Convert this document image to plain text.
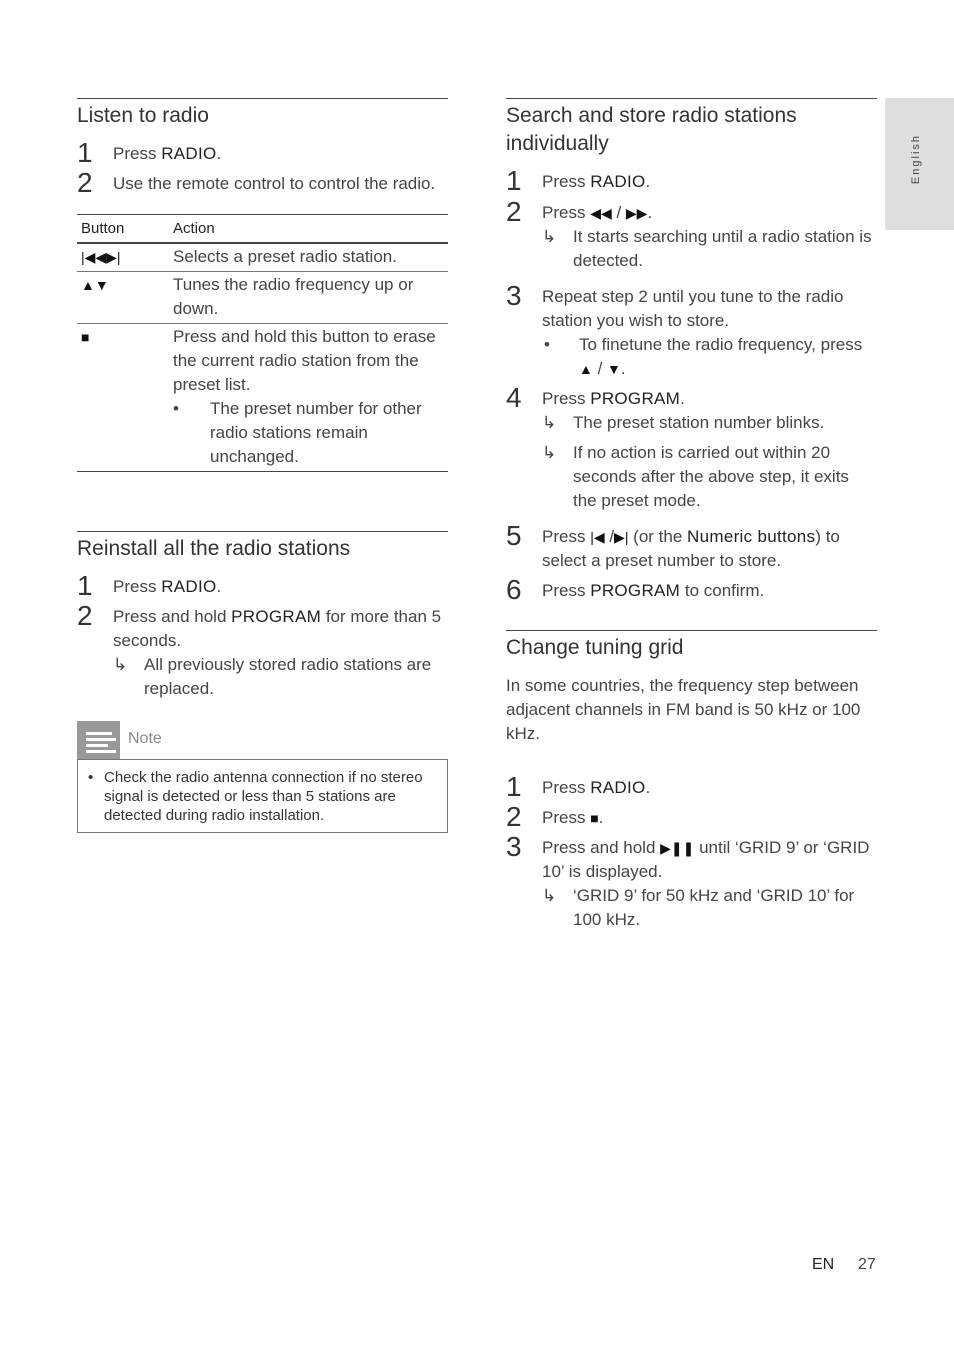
Listen to radio
1 Press RADIO.
2 Use the remote control to control the radio.
Button	Action
|◀◀▶|	Selects a preset radio station.
▲▼	Tunes the radio frequency up or down.
■	Press and hold this button to erase the current radio station from the preset list.
• The preset number for other radio stations remain unchanged.
Reinstall all the radio stations
1 Press RADIO.
2 Press and hold PROGRAM for more than 5 seconds.
↳ All previously stored radio stations are replaced.
Note
• Check the radio antenna connection if no stereo signal is detected or less than 5 stations are detected during radio installation.
Search and store radio stations individually
1 Press RADIO.
2 Press ◀◀ / ▶▶.
↳ It starts searching until a radio station is detected.
3 Repeat step 2 until you tune to the radio station you wish to store.
• To finetune the radio frequency, press ▲ / ▼.
4 Press PROGRAM.
↳ The preset station number blinks.
↳ If no action is carried out within 20 seconds after the above step, it exits the preset mode.
5 Press |◀ /▶| (or the Numeric buttons) to select a preset number to store.
6 Press PROGRAM to confirm.
Change tuning grid
In some countries, the frequency step between adjacent channels in FM band is 50 kHz or 100 kHz.
1 Press RADIO.
2 Press ■.
3 Press and hold ▶❚❚ until ‘GRID 9’ or ‘GRID 10’ is displayed.
↳ ‘GRID 9’ for 50 kHz and ‘GRID 10’ for 100 kHz.
English
EN 27
